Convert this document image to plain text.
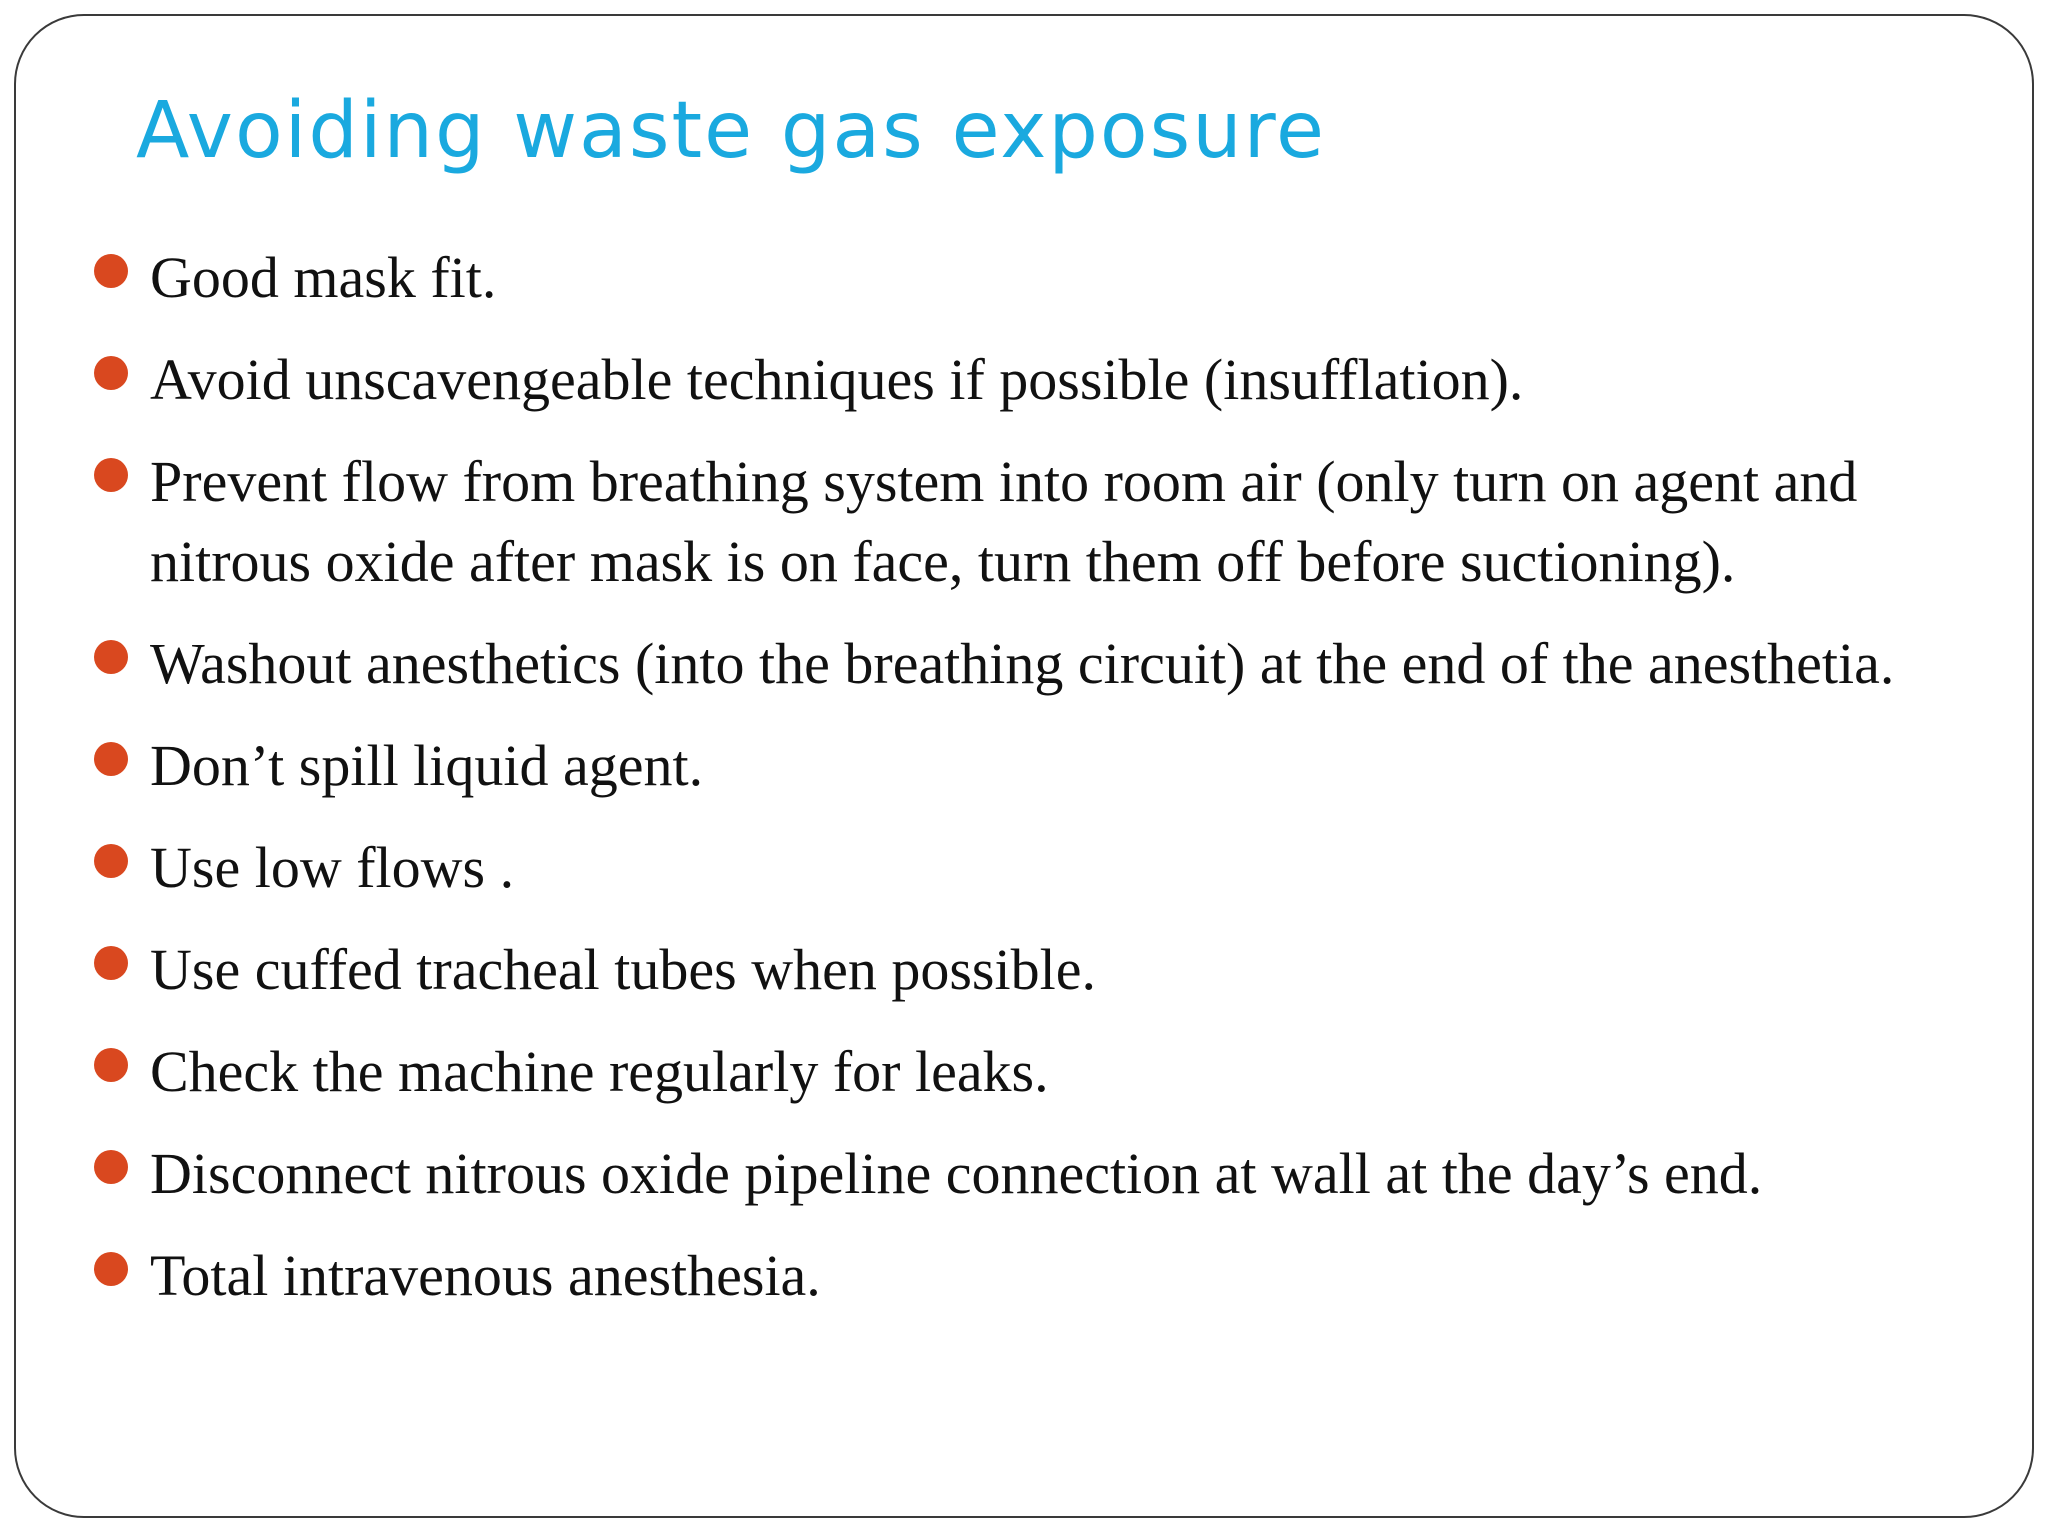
Avoiding waste gas exposure
Good mask fit.
Avoid unscavengeable techniques if possible (insufflation).
Prevent flow from breathing system into room air (only turn on agent and nitrous oxide after mask is on face, turn them off before suctioning).
Washout anesthetics (into the breathing circuit) at the end of the anesthetia.
Don’t spill liquid agent.
Use low flows .
Use cuffed tracheal tubes when possible.
Check the machine regularly for leaks.
Disconnect nitrous oxide pipeline connection at wall at the day’s end.
Total intravenous anesthesia.
